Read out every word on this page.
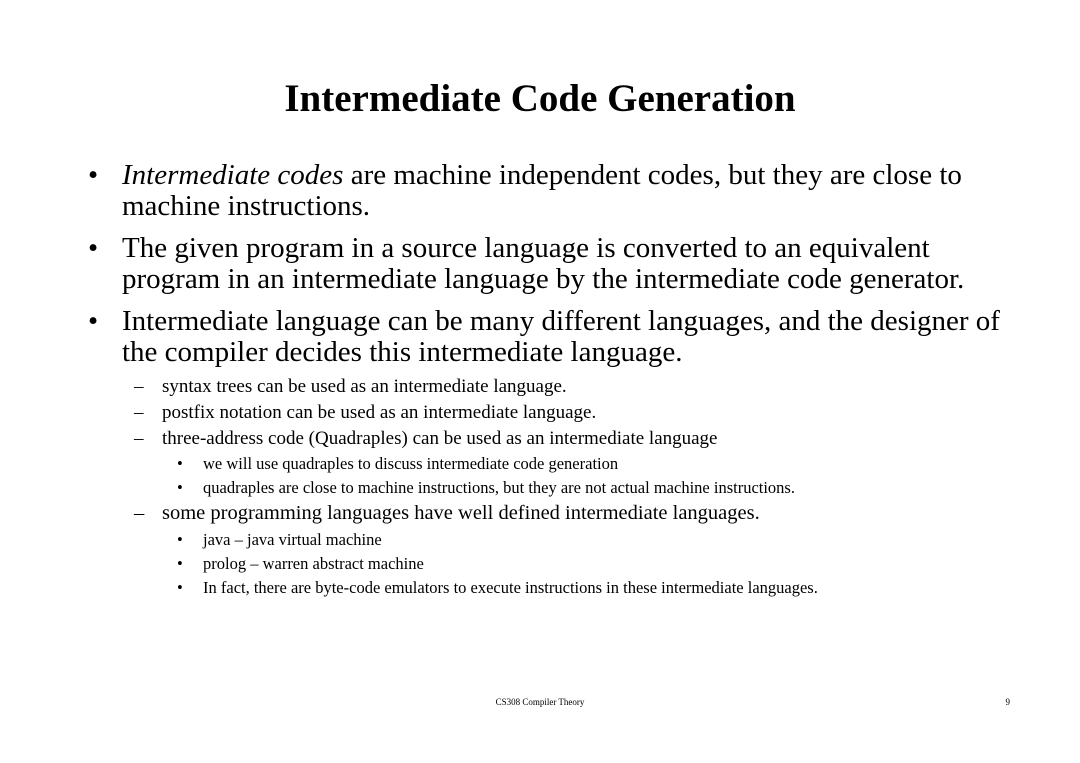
Intermediate Code Generation
• Intermediate codes are machine independent codes, but they are close to machine instructions.
• The given program in a source language is converted to an equivalent program in an intermediate language by the intermediate code generator.
• Intermediate language can be many different languages, and the designer of the compiler decides this intermediate language.
– syntax trees can be used as an intermediate language.
– postfix notation can be used as an intermediate language.
– three-address code (Quadraples) can be used as an intermediate language
• we will use quadraples to discuss intermediate code generation
• quadraples are close to machine instructions, but they are not actual machine instructions.
– some programming languages have well defined intermediate languages.
• java – java virtual machine
• prolog – warren abstract machine
• In fact, there are byte-code emulators to execute instructions in these intermediate languages.
CS308 Compiler Theory	9
